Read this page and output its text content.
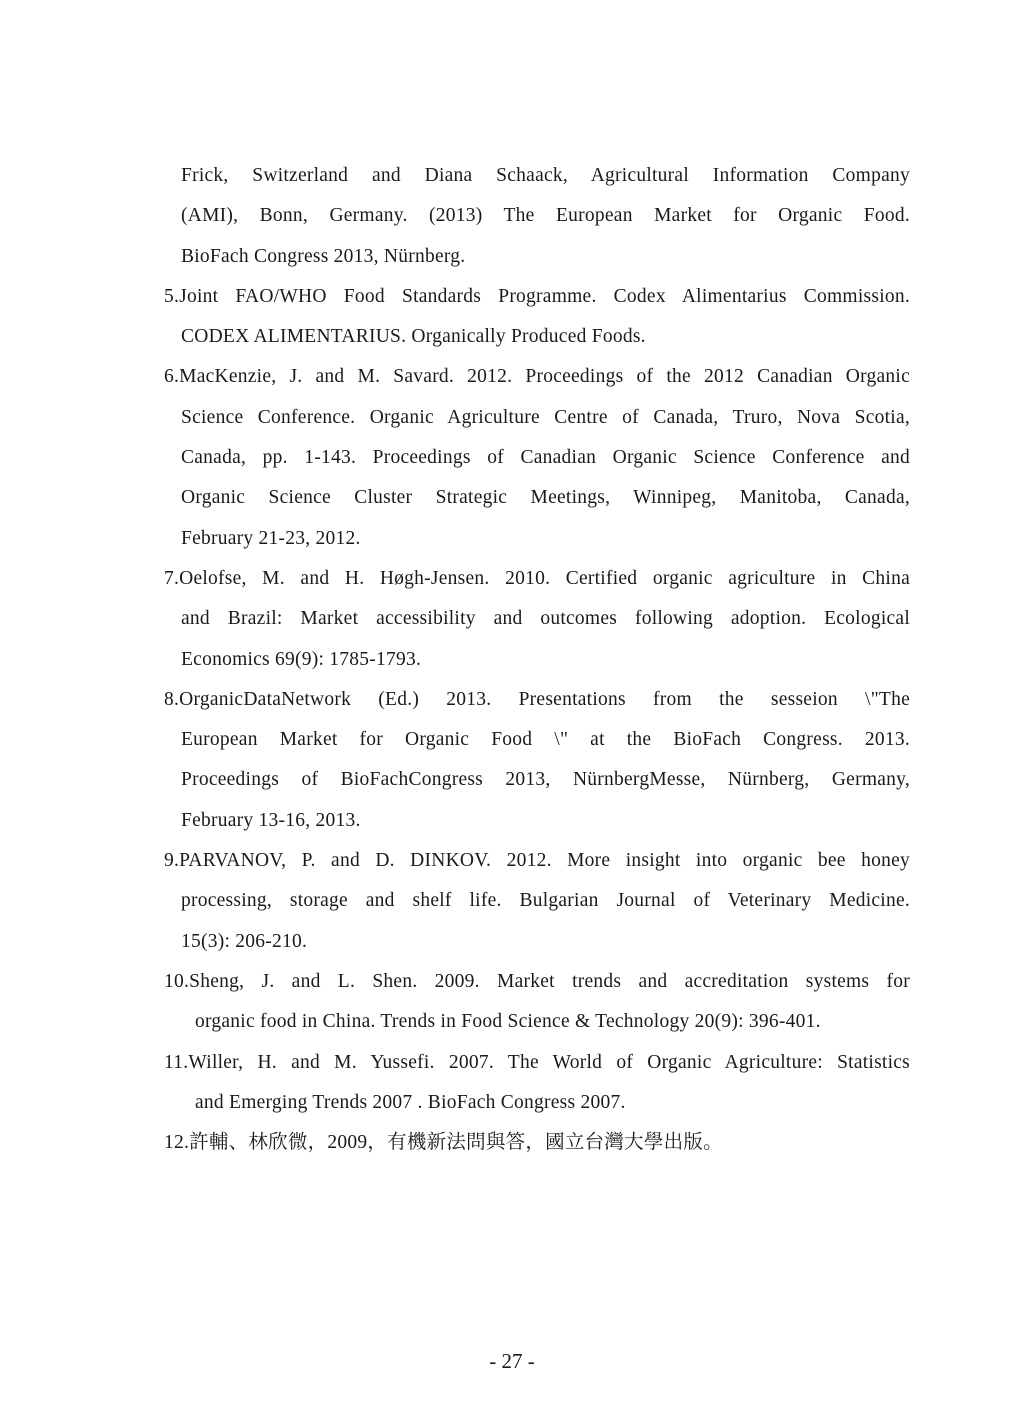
Frick, Switzerland and Diana Schaack, Agricultural Information Company
(AMI), Bonn, Germany. (2013) The European Market for Organic Food.
BioFach Congress 2013, Nürnberg.
5.Joint FAO/WHO Food Standards Programme. Codex Alimentarius Commission.
CODEX ALIMENTARIUS. Organically Produced Foods.
6.MacKenzie, J. and M. Savard. 2012. Proceedings of the 2012 Canadian Organic
Science Conference. Organic Agriculture Centre of Canada, Truro, Nova Scotia,
Canada, pp. 1-143. Proceedings of Canadian Organic Science Conference and
Organic Science Cluster Strategic Meetings, Winnipeg, Manitoba, Canada,
February 21-23, 2012.
7.Oelofse, M. and H. Høgh-Jensen. 2010. Certified organic agriculture in China
and Brazil: Market accessibility and outcomes following adoption. Ecological
Economics 69(9): 1785-1793.
8.OrganicDataNetwork (Ed.) 2013. Presentations from the sesseion \"The
European Market for Organic Food \" at the BioFach Congress. 2013.
Proceedings of BioFachCongress 2013, NürnbergMesse, Nürnberg, Germany,
February 13-16, 2013.
9.PARVANOV, P. and D. DINKOV. 2012. More insight into organic bee honey
processing, storage and shelf life. Bulgarian Journal of Veterinary Medicine.
15(3): 206-210.
10.Sheng, J. and L. Shen. 2009. Market trends and accreditation systems for
organic food in China. Trends in Food Science & Technology 20(9): 396-401.
11.Willer, H. and M. Yussefi. 2007. The World of Organic Agriculture: Statistics
and Emerging Trends 2007 . BioFach Congress 2007.
12.許輔、林欣微，2009，有機新法問與答，國立台灣大學出版。
- 27 -
